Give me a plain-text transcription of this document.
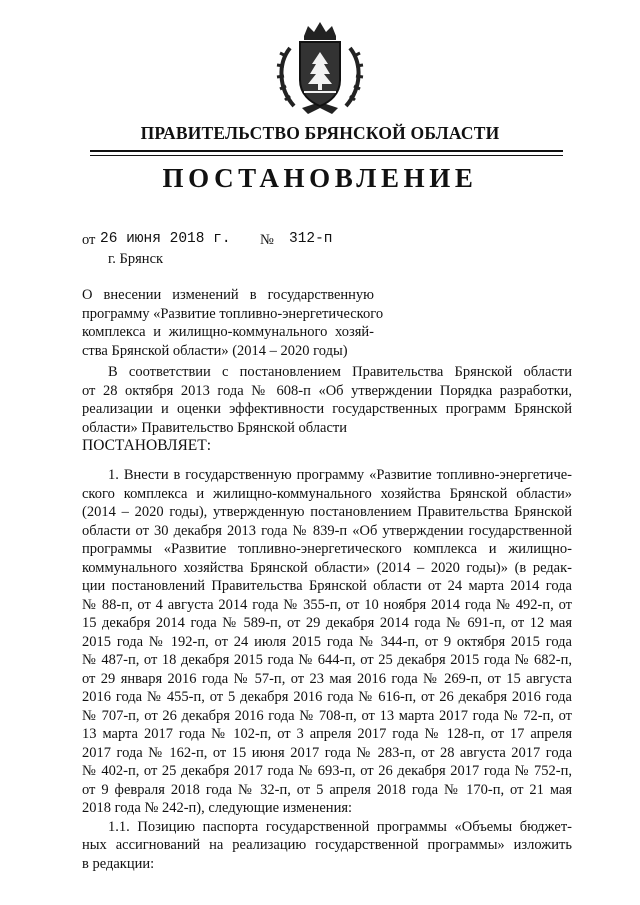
ПРАВИТЕЛЬСТВО БРЯНСКОЙ ОБЛАСТИ
ПОСТАНОВЛЕНИЕ
от 26 июня 2018 г. № 312-п
г. Брянск
О внесении изменений в государственную
программу «Развитие топливно-энергетического
комплекса и жилищно-коммунального хозяй-
ства Брянской области» (2014 – 2020 годы)
В соответствии с постановлением Правительства Брянской области
от 28 октября 2013 года № 608-п «Об утверждении Порядка разработки,
реализации и оценки эффективности государственных программ Брянской
области» Правительство Брянской области
ПОСТАНОВЛЯЕТ:
1. Внести в государственную программу «Развитие топливно-энергетиче-
ского комплекса и жилищно-коммунального хозяйства Брянской области»
(2014 – 2020 годы), утвержденную постановлением Правительства Брянской
области от 30 декабря 2013 года № 839-п «Об утверждении государственной
программы «Развитие топливно-энергетического комплекса и жилищно-
коммунального хозяйства Брянской области» (2014 – 2020 годы)» (в редак-
ции постановлений Правительства Брянской области от 24 марта 2014 года
№ 88-п, от 4 августа 2014 года № 355-п, от 10 ноября 2014 года № 492-п, от
15 декабря 2014 года № 589-п, от 29 декабря 2014 года № 691-п, от 12 мая
2015 года № 192-п, от 24 июля 2015 года № 344-п, от 9 октября 2015 года
№ 487-п, от 18 декабря 2015 года № 644-п, от 25 декабря 2015 года № 682-п,
от 29 января 2016 года № 57-п, от 23 мая 2016 года № 269-п, от 15 августа
2016 года № 455-п, от 5 декабря 2016 года № 616-п, от 26 декабря 2016 года
№ 707-п, от 26 декабря 2016 года № 708-п, от 13 марта 2017 года № 72-п, от
13 марта 2017 года № 102-п, от 3 апреля 2017 года № 128-п, от 17 апреля
2017 года № 162-п, от 15 июня 2017 года № 283-п, от 28 августа 2017 года
№ 402-п, от 25 декабря 2017 года № 693-п, от 26 декабря 2017 года № 752-п,
от 9 февраля 2018 года № 32-п, от 5 апреля 2018 года № 170-п, от 21 мая
2018 года № 242-п), следующие изменения:
1.1. Позицию паспорта государственной программы «Объемы бюджет-
ных ассигнований на реализацию государственной программы» изложить
в редакции:
